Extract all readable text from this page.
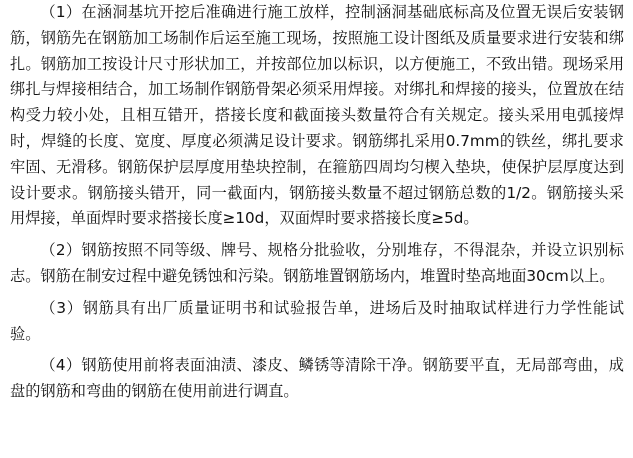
（1）在涵洞基坑开挖后准确进行施工放样，控制涵洞基础底标高及位置无误后安装钢筋，钢筋先在钢筋加工场制作后运至施工现场，按照施工设计图纸及质量要求进行安装和绑扎。钢筋加工按设计尺寸形状加工，并按部位加以标识，以方便施工，不致出错。现场采用绑扎与焊接相结合，加工场制作钢筋骨架必须采用焊接。对绑扎和焊接的接头，位置放在结构受力较小处，且相互错开，搭接长度和截面接头数量符合有关规定。接头采用电弧接焊时，焊缝的长度、宽度、厚度必须满足设计要求。钢筋绑扎采用0.7mm的铁丝，绑扎要求牢固、无滑移。钢筋保护层厚度用垫块控制，在箍筋四周均匀楔入垫块，使保护层厚度达到设计要求。钢筋接头错开，同一截面内，钢筋接头数量不超过钢筋总数的1/2。钢筋接头采用焊接，单面焊时要求搭接长度≥10d，双面焊时要求搭接长度≥5d。

（2）钢筋按照不同等级、牌号、规格分批验收，分别堆存，不得混杂，并设立识别标志。钢筋在制安过程中避免锈蚀和污染。钢筋堆置钢筋场内，堆置时垫高地面30cm以上。

（3）钢筋具有出厂质量证明书和试验报告单，进场后及时抽取试样进行力学性能试验。

（4）钢筋使用前将表面油渍、漆皮、鳞锈等清除干净。钢筋要平直，无局部弯曲，成盘的钢筋和弯曲的钢筋在使用前进行调直。
